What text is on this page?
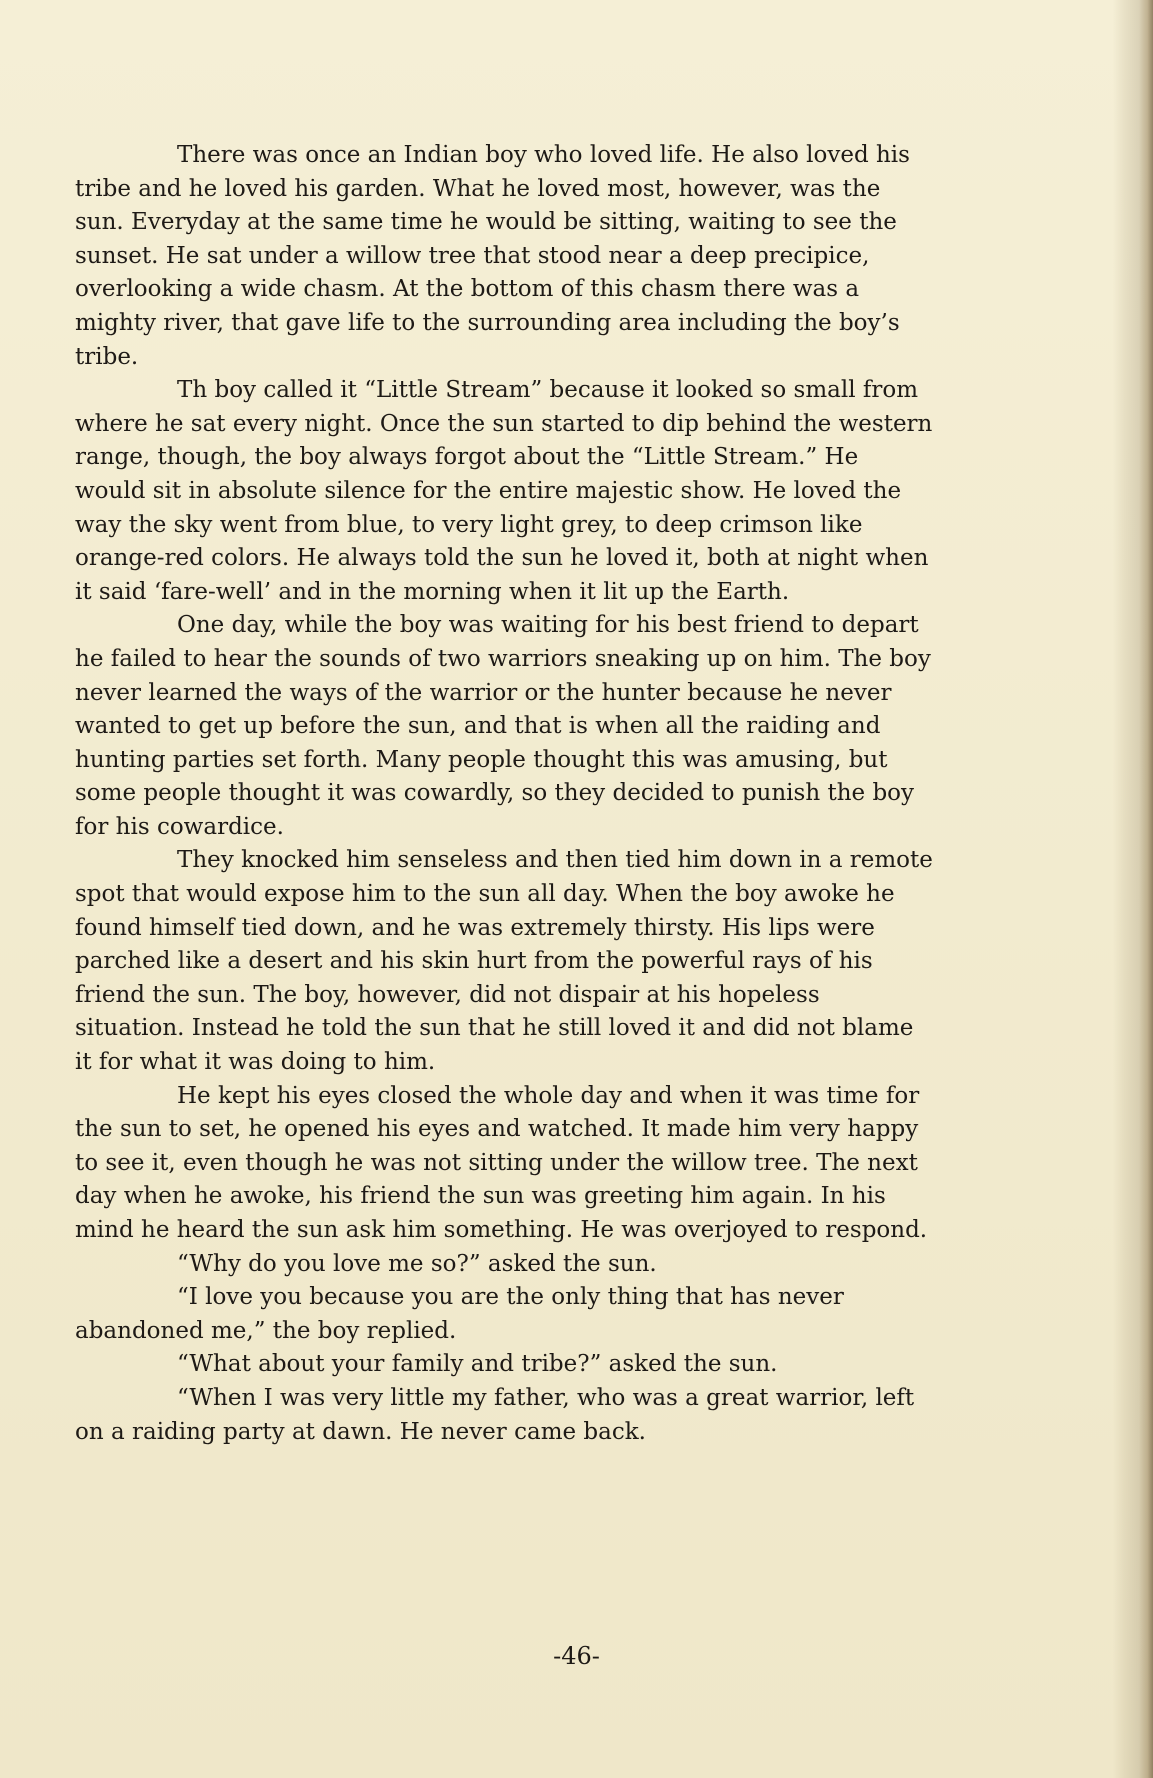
There was once an Indian boy who loved life. He also loved his tribe and he loved his garden. What he loved most, however, was the sun. Everyday at the same time he would be sitting, waiting to see the sunset. He sat under a willow tree that stood near a deep precipice, overlooking a wide chasm. At the bottom of this chasm there was a mighty river, that gave life to the surrounding area including the boy’s tribe.

Th boy called it “Little Stream” because it looked so small from where he sat every night. Once the sun started to dip behind the western range, though, the boy always forgot about the “Little Stream.” He would sit in absolute silence for the entire majestic show. He loved the way the sky went from blue, to very light grey, to deep crimson like orange-red colors. He always told the sun he loved it, both at night when it said ‘fare-well’ and in the morning when it lit up the Earth.

One day, while the boy was waiting for his best friend to depart he failed to hear the sounds of two warriors sneaking up on him. The boy never learned the ways of the warrior or the hunter because he never wanted to get up before the sun, and that is when all the raiding and hunting parties set forth. Many people thought this was amusing, but some people thought it was cowardly, so they decided to punish the boy for his cowardice.

They knocked him senseless and then tied him down in a remote spot that would expose him to the sun all day. When the boy awoke he found himself tied down, and he was extremely thirsty. His lips were parched like a desert and his skin hurt from the powerful rays of his friend the sun. The boy, however, did not dispair at his hopeless situation. Instead he told the sun that he still loved it and did not blame it for what it was doing to him.

He kept his eyes closed the whole day and when it was time for the sun to set, he opened his eyes and watched. It made him very happy to see it, even though he was not sitting under the willow tree. The next day when he awoke, his friend the sun was greeting him again. In his mind he heard the sun ask him something. He was overjoyed to respond.

“Why do you love me so?” asked the sun.

“I love you because you are the only thing that has never abandoned me,” the boy replied.

“What about your family and tribe?” asked the sun.

“When I was very little my father, who was a great warrior, left on a raiding party at dawn. He never came back.

-46-
